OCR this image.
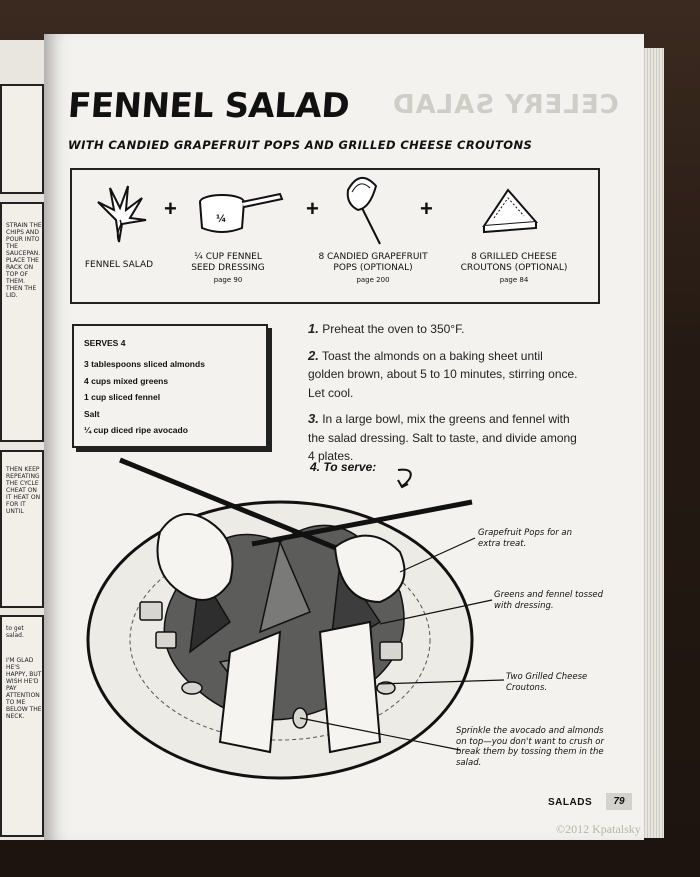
STRAIN THE CHIPS AND POUR INTO THE SAUCEPAN. PLACE THE RACK ON TOP OF THEM. THEN THE LID.
THEN KEEP REPEATING THE CYCLE CHEAT ON IT HEAT ON FOR IT UNTIL
to get salad.
I'M GLAD HE'S HAPPY, BUT WISH HE'D PAY ATTENTION TO ME BELOW THE NECK.
CELERY SALAD
FENNEL SALAD
WITH CANDIED GRAPEFRUIT POPS AND GRILLED CHEESE CROUTONS
+	¼	+	+
FENNEL SALAD
¼ CUP FENNEL SEED DRESSING
page 90
8 CANDIED GRAPEFRUIT POPS (OPTIONAL)
page 200
8 GRILLED CHEESE CROUTONS (OPTIONAL)
page 84
SERVES 4
3 tablespoons sliced almonds
4 cups mixed greens
1 cup sliced fennel
Salt
¼ cup diced ripe avocado
1. Preheat the oven to 350°F.
2. Toast the almonds on a baking sheet until golden brown, about 5 to 10 minutes, stirring once. Let cool.
3. In a large bowl, mix the greens and fennel with the salad dressing. Salt to taste, and divide among 4 plates.
4. To serve:
Grapefruit Pops for an extra treat.
Greens and fennel tossed with dressing.
Two Grilled Cheese Croutons.
Sprinkle the avocado and almonds on top—you don't want to crush or break them by tossing them in the salad.
SALADS	79
©2012 Kpatalsky
